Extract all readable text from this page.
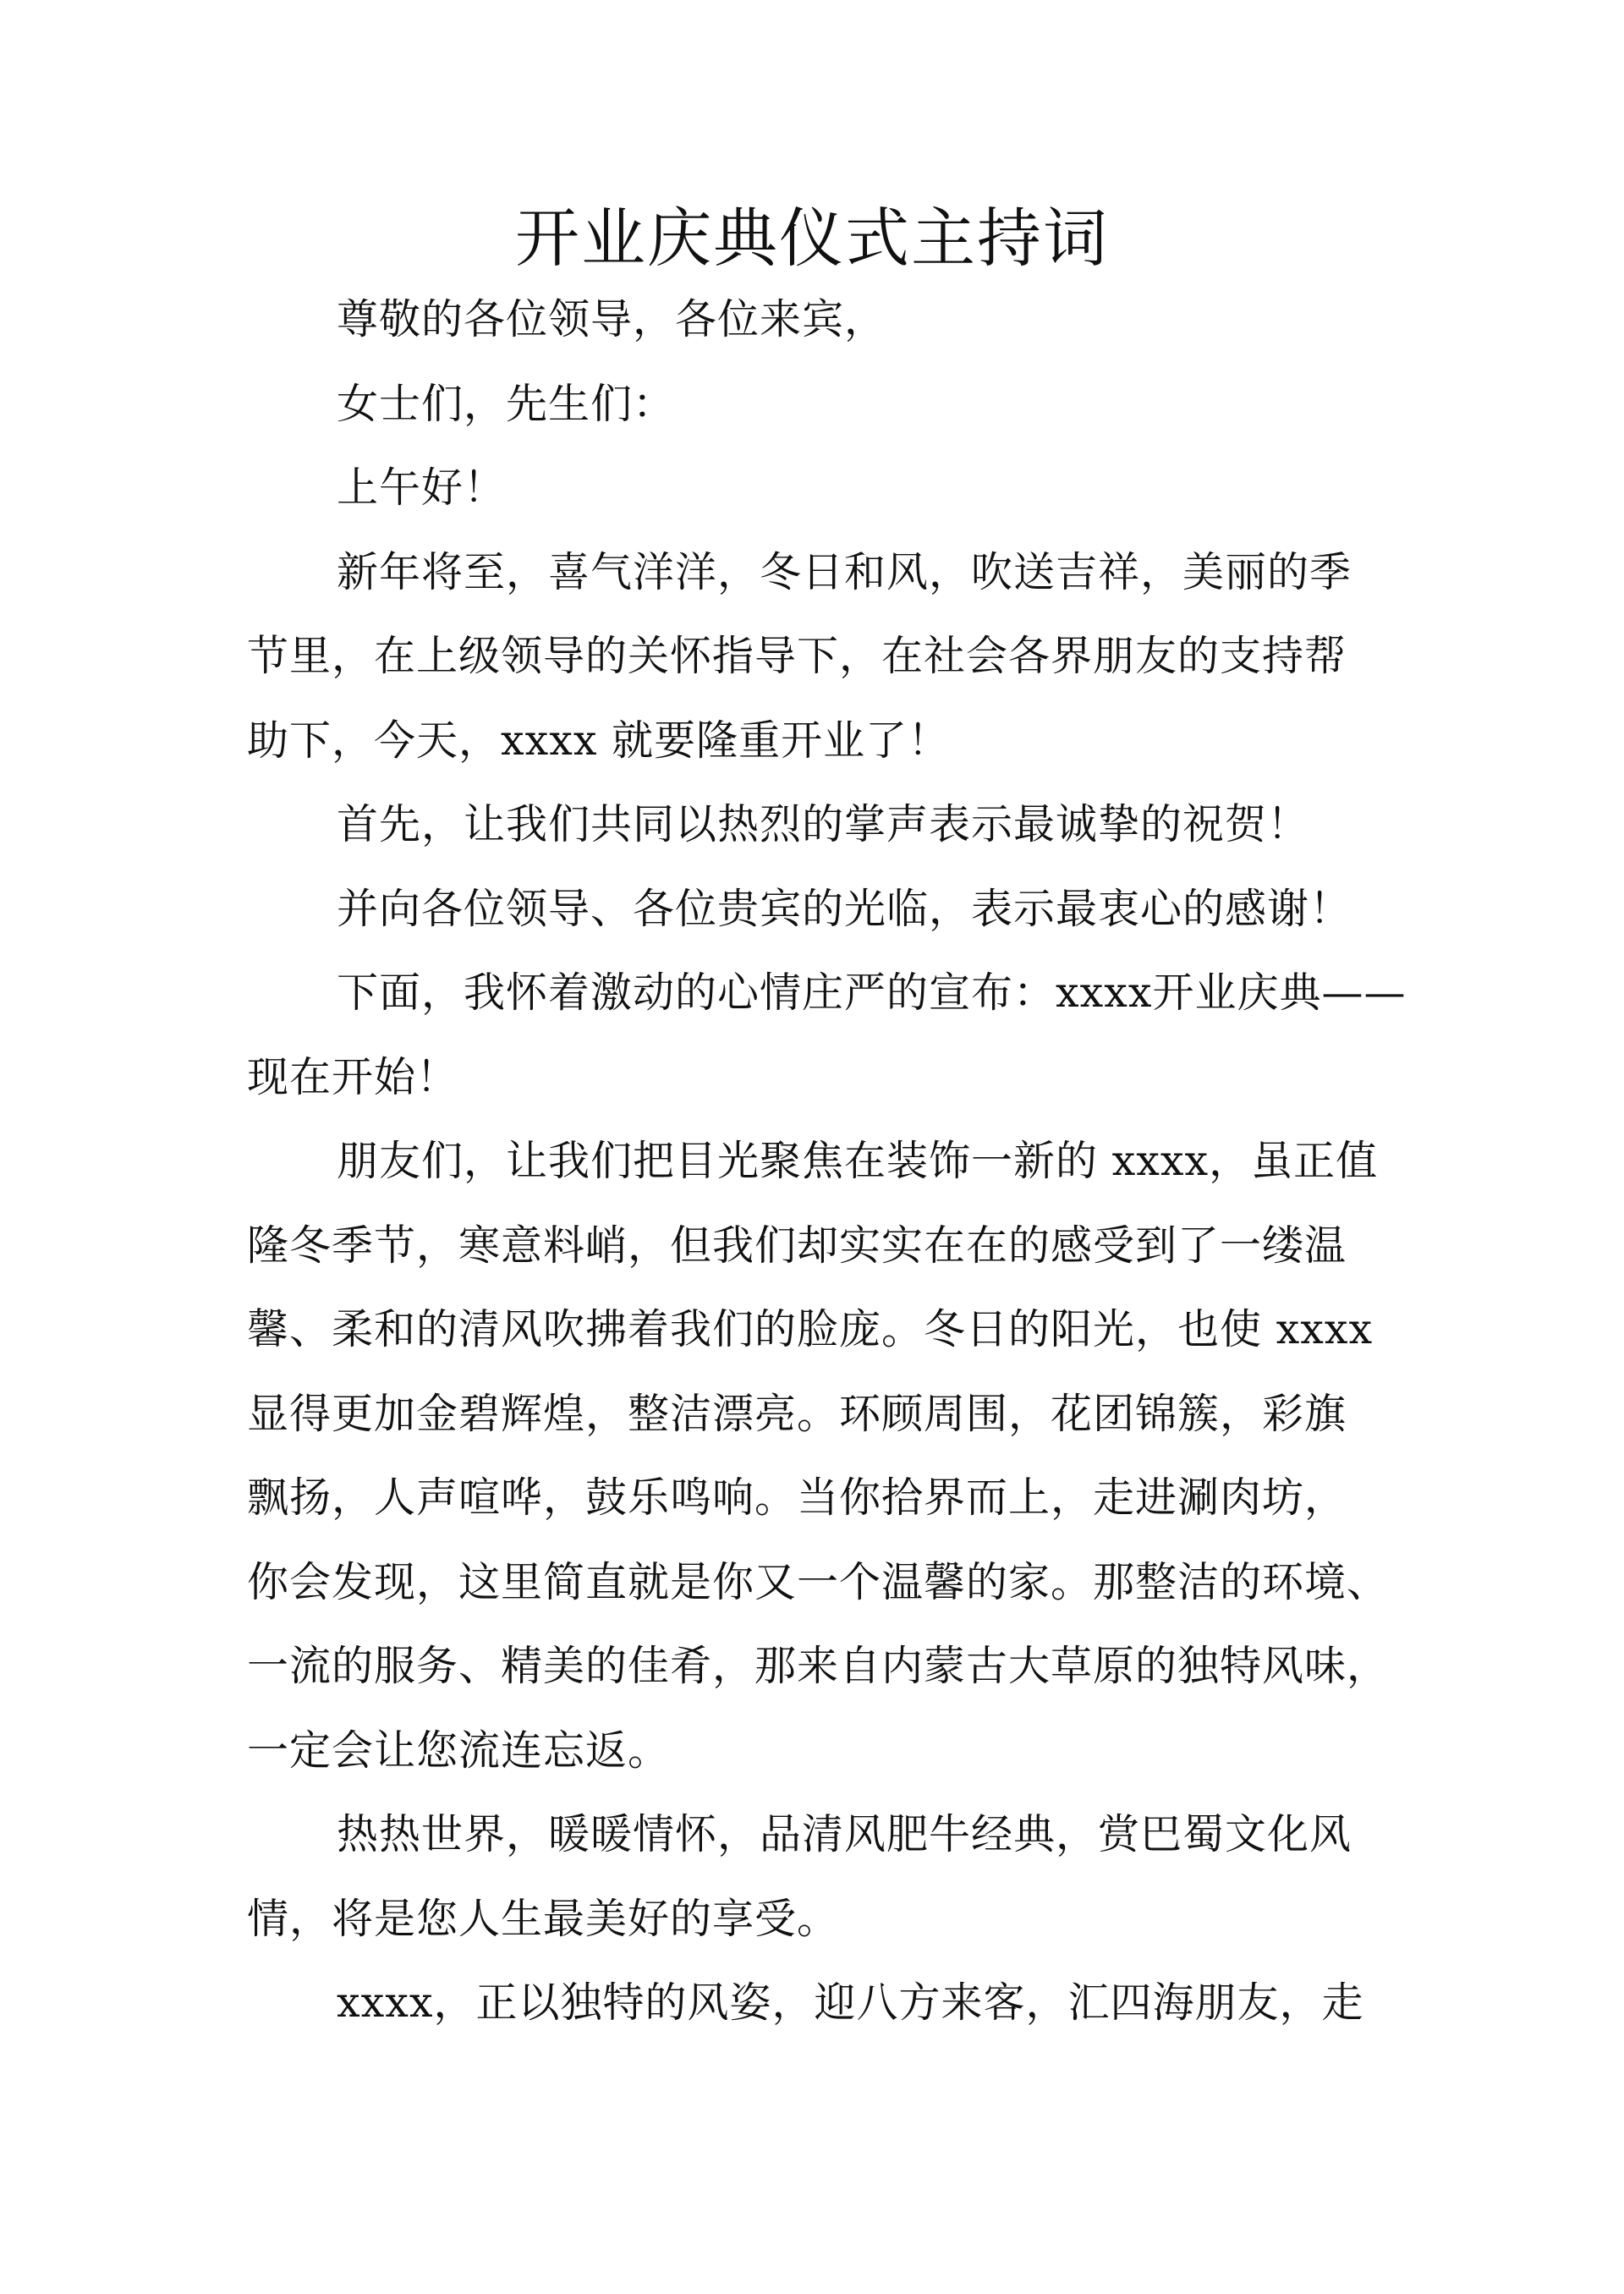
开业庆典仪式主持词
尊敬的各位领导，各位来宾，
女士们，先生们：
上午好！
新年将至，喜气洋洋，冬日和风，吹送吉祥，美丽的季
节里，在上级领导的关怀指导下，在社会各界朋友的支持帮
助下，今天，xxxx 就要隆重开业了！
首先，让我们共同以热烈的掌声表示最诚挚的祝贺！
并向各位领导、各位贵宾的光临，表示最衷心的感谢！
下面，我怀着激动的心情庄严的宣布：xxxx开业庆典——
现在开始！
朋友们，让我们把目光聚焦在装饰一新的 xxxx，虽正值
隆冬季节，寒意料峭，但我们却实实在在的感受到了一缕温
馨、柔和的清风吹拂着我们的脸庞。冬日的阳光，也使 xxxx
显得更加金碧辉煌，整洁漂亮。环顾周围，花团锦簇，彩旗
飘扬，人声喧哗，鼓乐鸣响。当你拾界而上，走进涮肉坊，
你会发现，这里简直就是你又一个温馨的家。那整洁的环境、
一流的服务、精美的佳肴，那来自内蒙古大草原的独特风味，
一定会让您流连忘返。
热热世界，暖暖情怀，品清风肥牛经典，赏巴蜀文化风
情，将是您人生最美好的享受。
xxxx，正以独特的风姿，迎八方来客，汇四海朋友，走
